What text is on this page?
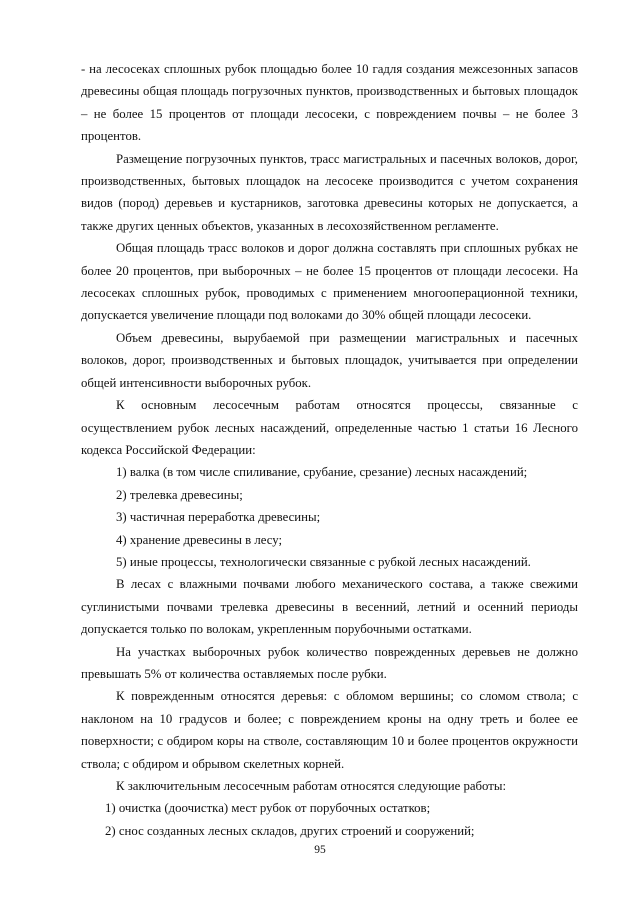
- на лесосеках сплошных рубок площадью более 10 гадля создания межсезонных запасов древесины общая площадь погрузочных пунктов, производственных и бытовых площадок – не более 15 процентов от площади лесосеки, с повреждением почвы – не более 3 процентов.

Размещение погрузочных пунктов, трасс магистральных и пасечных волоков, дорог, производственных, бытовых площадок на лесосеке производится с учетом сохранения видов (пород) деревьев и кустарников, заготовка древесины которых не допускается, а также других ценных объектов, указанных в лесохозяйственном регламенте.

Общая площадь трасс волоков и дорог должна составлять при сплошных рубках не более 20 процентов, при выборочных – не более 15 процентов от площади лесосеки. На лесосеках сплошных рубок, проводимых с применением многооперационной техники, допускается увеличение площади под волоками до 30% общей площади лесосеки.

Объем древесины, вырубаемой при размещении магистральных и пасечных волоков, дорог, производственных и бытовых площадок, учитывается при определении общей интенсивности выборочных рубок.

К основным лесосечным работам относятся процессы, связанные с осуществлением рубок лесных насаждений, определенные частью 1 статьи 16 Лесного кодекса Российской Федерации:

1) валка (в том числе спиливание, срубание, срезание) лесных насаждений;

2) трелевка древесины;

3) частичная переработка древесины;

4) хранение древесины в лесу;

5) иные процессы, технологически связанные с рубкой лесных насаждений.

В лесах с влажными почвами любого механического состава, а также свежими суглинистыми почвами трелевка древесины в весенний, летний и осенний периоды допускается только по волокам, укрепленным порубочными остатками.

На участках выборочных рубок количество поврежденных деревьев не должно превышать 5% от количества оставляемых после рубки.

К поврежденным относятся деревья: с обломом вершины; со сломом ствола; с наклоном на 10 градусов и более; с повреждением кроны на одну треть и более ее поверхности; с обдиром коры на стволе, составляющим 10 и более процентов окружности ствола; с обдиром и обрывом скелетных корней.

К заключительным лесосечным работам относятся следующие работы:

1) очистка (доочистка) мест рубок от порубочных остатков;

2) снос созданных лесных складов, других строений и сооружений;

95
